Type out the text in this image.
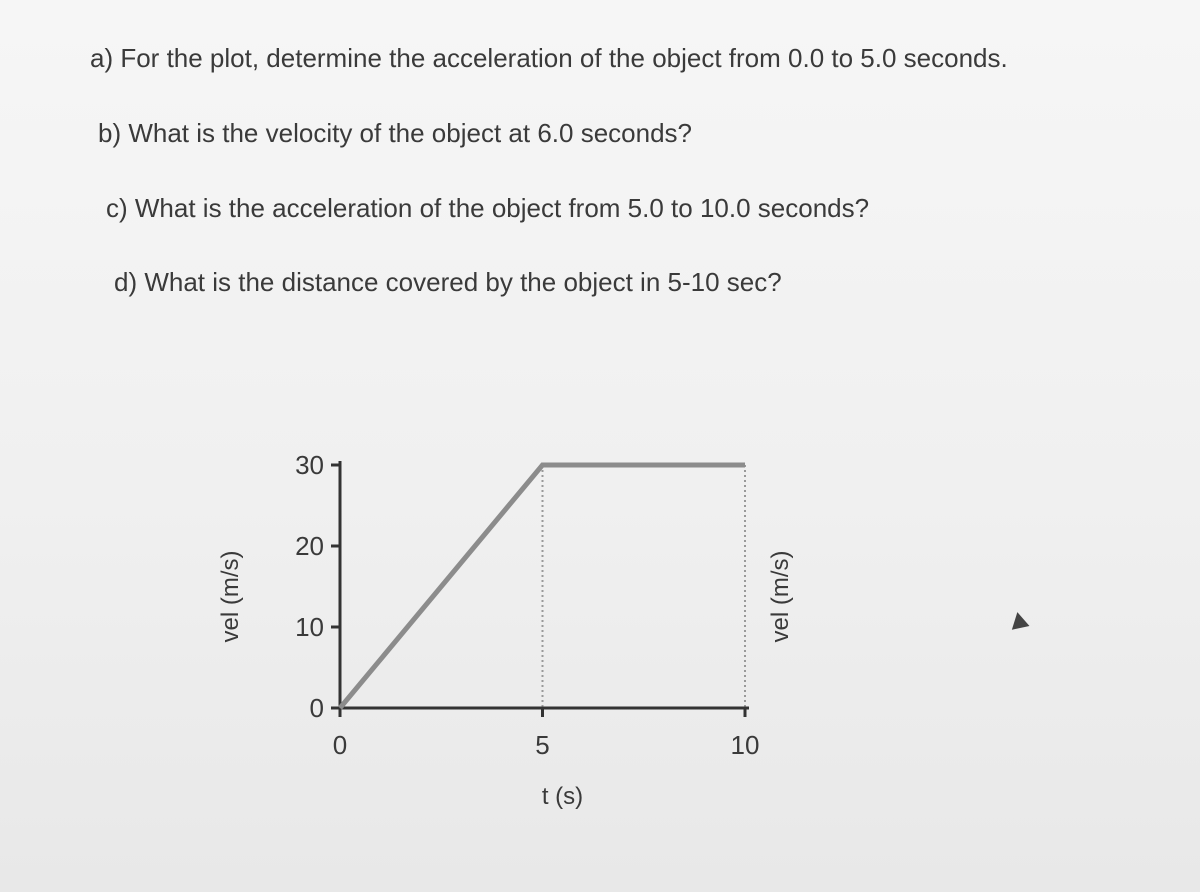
a) For the plot, determine the acceleration of the object from 0.0 to 5.0 seconds.

b) What is the velocity of the object at 6.0 seconds?

c) What is the acceleration of the object from 5.0 to 10.0 seconds?

d) What is the distance covered by the object in 5-10 sec?

0
10
20
30
0	5	10
t (s)
vel (m/s)	vel (m/s)
